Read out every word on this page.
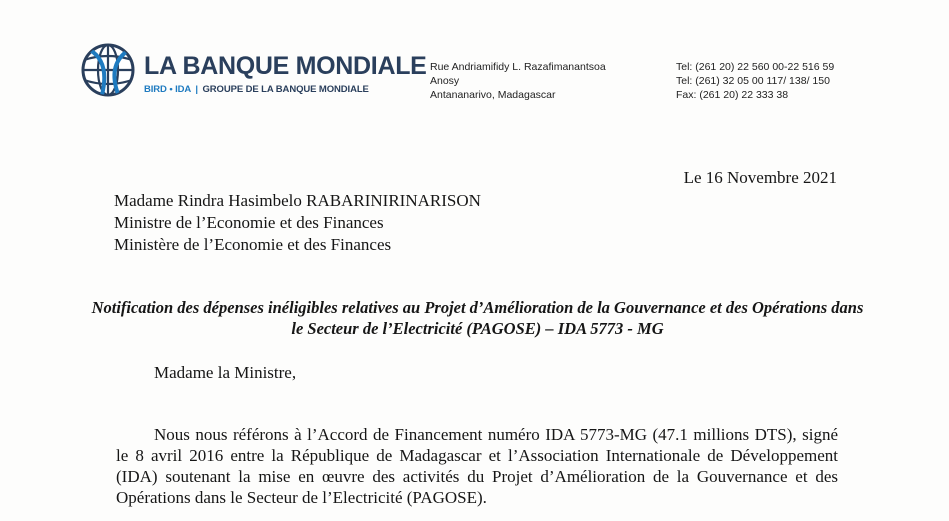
LA BANQUE MONDIALE
BIRD • IDA | GROUPE DE LA BANQUE MONDIALE
Rue Andriamifidy L. Razafimanantsoa
Anosy
Antananarivo, Madagascar
Tel: (261 20) 22 560 00-22 516 59
Tel: (261) 32 05 00 117/ 138/ 150
Fax: (261 20) 22 333 38
Le 16 Novembre 2021
Madame Rindra Hasimbelo RABARINIRINARISON
Ministre de l’Economie et des Finances
Ministère de l’Economie et des Finances
Notification des dépenses inéligibles relatives au Projet d’Amélioration de la Gouvernance et des Opérations dans le Secteur de l’Electricité (PAGOSE) – IDA 5773 - MG
Madame la Ministre,
Nous nous référons à l’Accord de Financement numéro IDA 5773-MG (47.1 millions DTS), signé le 8 avril 2016 entre la République de Madagascar et l’Association Internationale de Développement (IDA) soutenant la mise en œuvre des activités du Projet d’Amélioration de la Gouvernance et des Opérations dans le Secteur de l’Electricité (PAGOSE).
